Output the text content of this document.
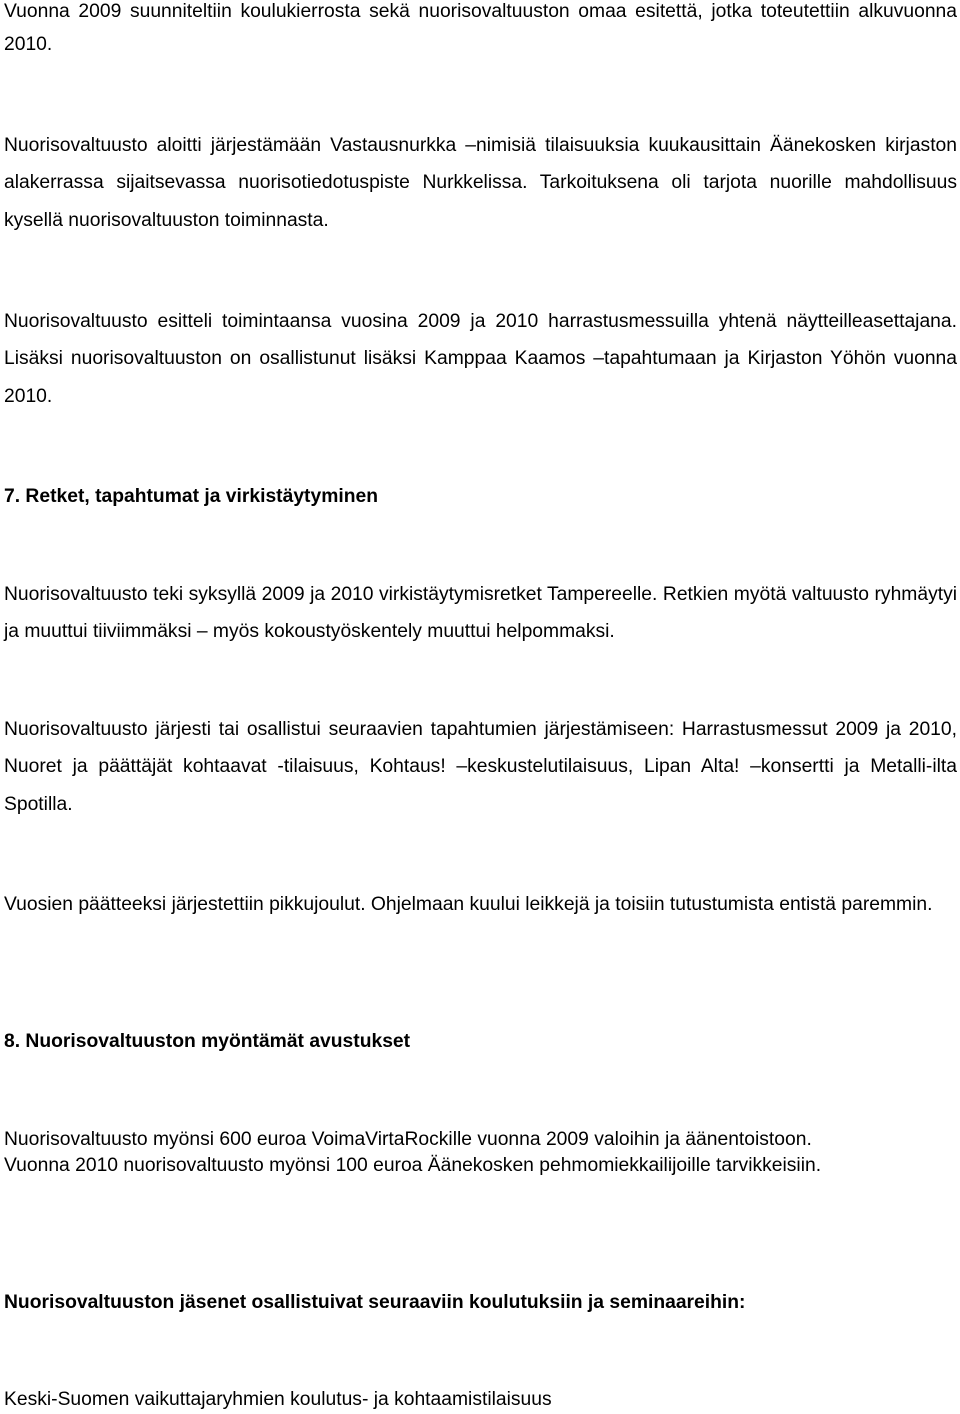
Vuonna 2009 suunniteltiin koulukierrosta sekä nuorisovaltuuston omaa esitettä, jotka toteutettiin alkuvuonna 2010.

Nuorisovaltuusto aloitti järjestämään Vastausnurkka –nimisiä tilaisuuksia kuukausittain Äänekosken kirjaston alakerrassa sijaitsevassa nuorisotiedotuspiste Nurkkelissa. Tarkoituksena oli tarjota nuorille mahdollisuus kysellä nuorisovaltuuston toiminnasta.

Nuorisovaltuusto esitteli toimintaansa vuosina 2009 ja 2010 harrastusmessuilla yhtenä näytteilleasettajana. Lisäksi nuorisovaltuuston on osallistunut lisäksi Kamppaa Kaamos –tapahtumaan ja Kirjaston Yöhön vuonna 2010.

7. Retket, tapahtumat ja virkistäytyminen

Nuorisovaltuusto teki syksyllä 2009 ja 2010 virkistäytymisretket Tampereelle. Retkien myötä valtuusto ryhmäytyi ja muuttui tiiviimmäksi – myös kokoustyöskentely muuttui helpommaksi.

Nuorisovaltuusto järjesti tai osallistui seuraavien tapahtumien järjestämiseen: Harrastusmessut 2009 ja 2010, Nuoret ja päättäjät kohtaavat -tilaisuus, Kohtaus! –keskustelutilaisuus, Lipan Alta! –konsertti ja Metalli-ilta Spotilla.

Vuosien päätteeksi järjestettiin pikkujoulut. Ohjelmaan kuului leikkejä ja toisiin tutustumista entistä paremmin.

8. Nuorisovaltuuston myöntämät avustukset
Nuorisovaltuusto myönsi 600 euroa VoimaVirtaRockille vuonna 2009 valoihin ja äänentoistoon.
Vuonna 2010 nuorisovaltuusto myönsi 100 euroa Äänekosken pehmomiekkailijoille tarvikkeisiin.
Nuorisovaltuuston jäsenet osallistuivat seuraaviin koulutuksiin ja seminaareihin:
Keski-Suomen vaikuttajaryhmien koulutus- ja kohtaamistilaisuus
